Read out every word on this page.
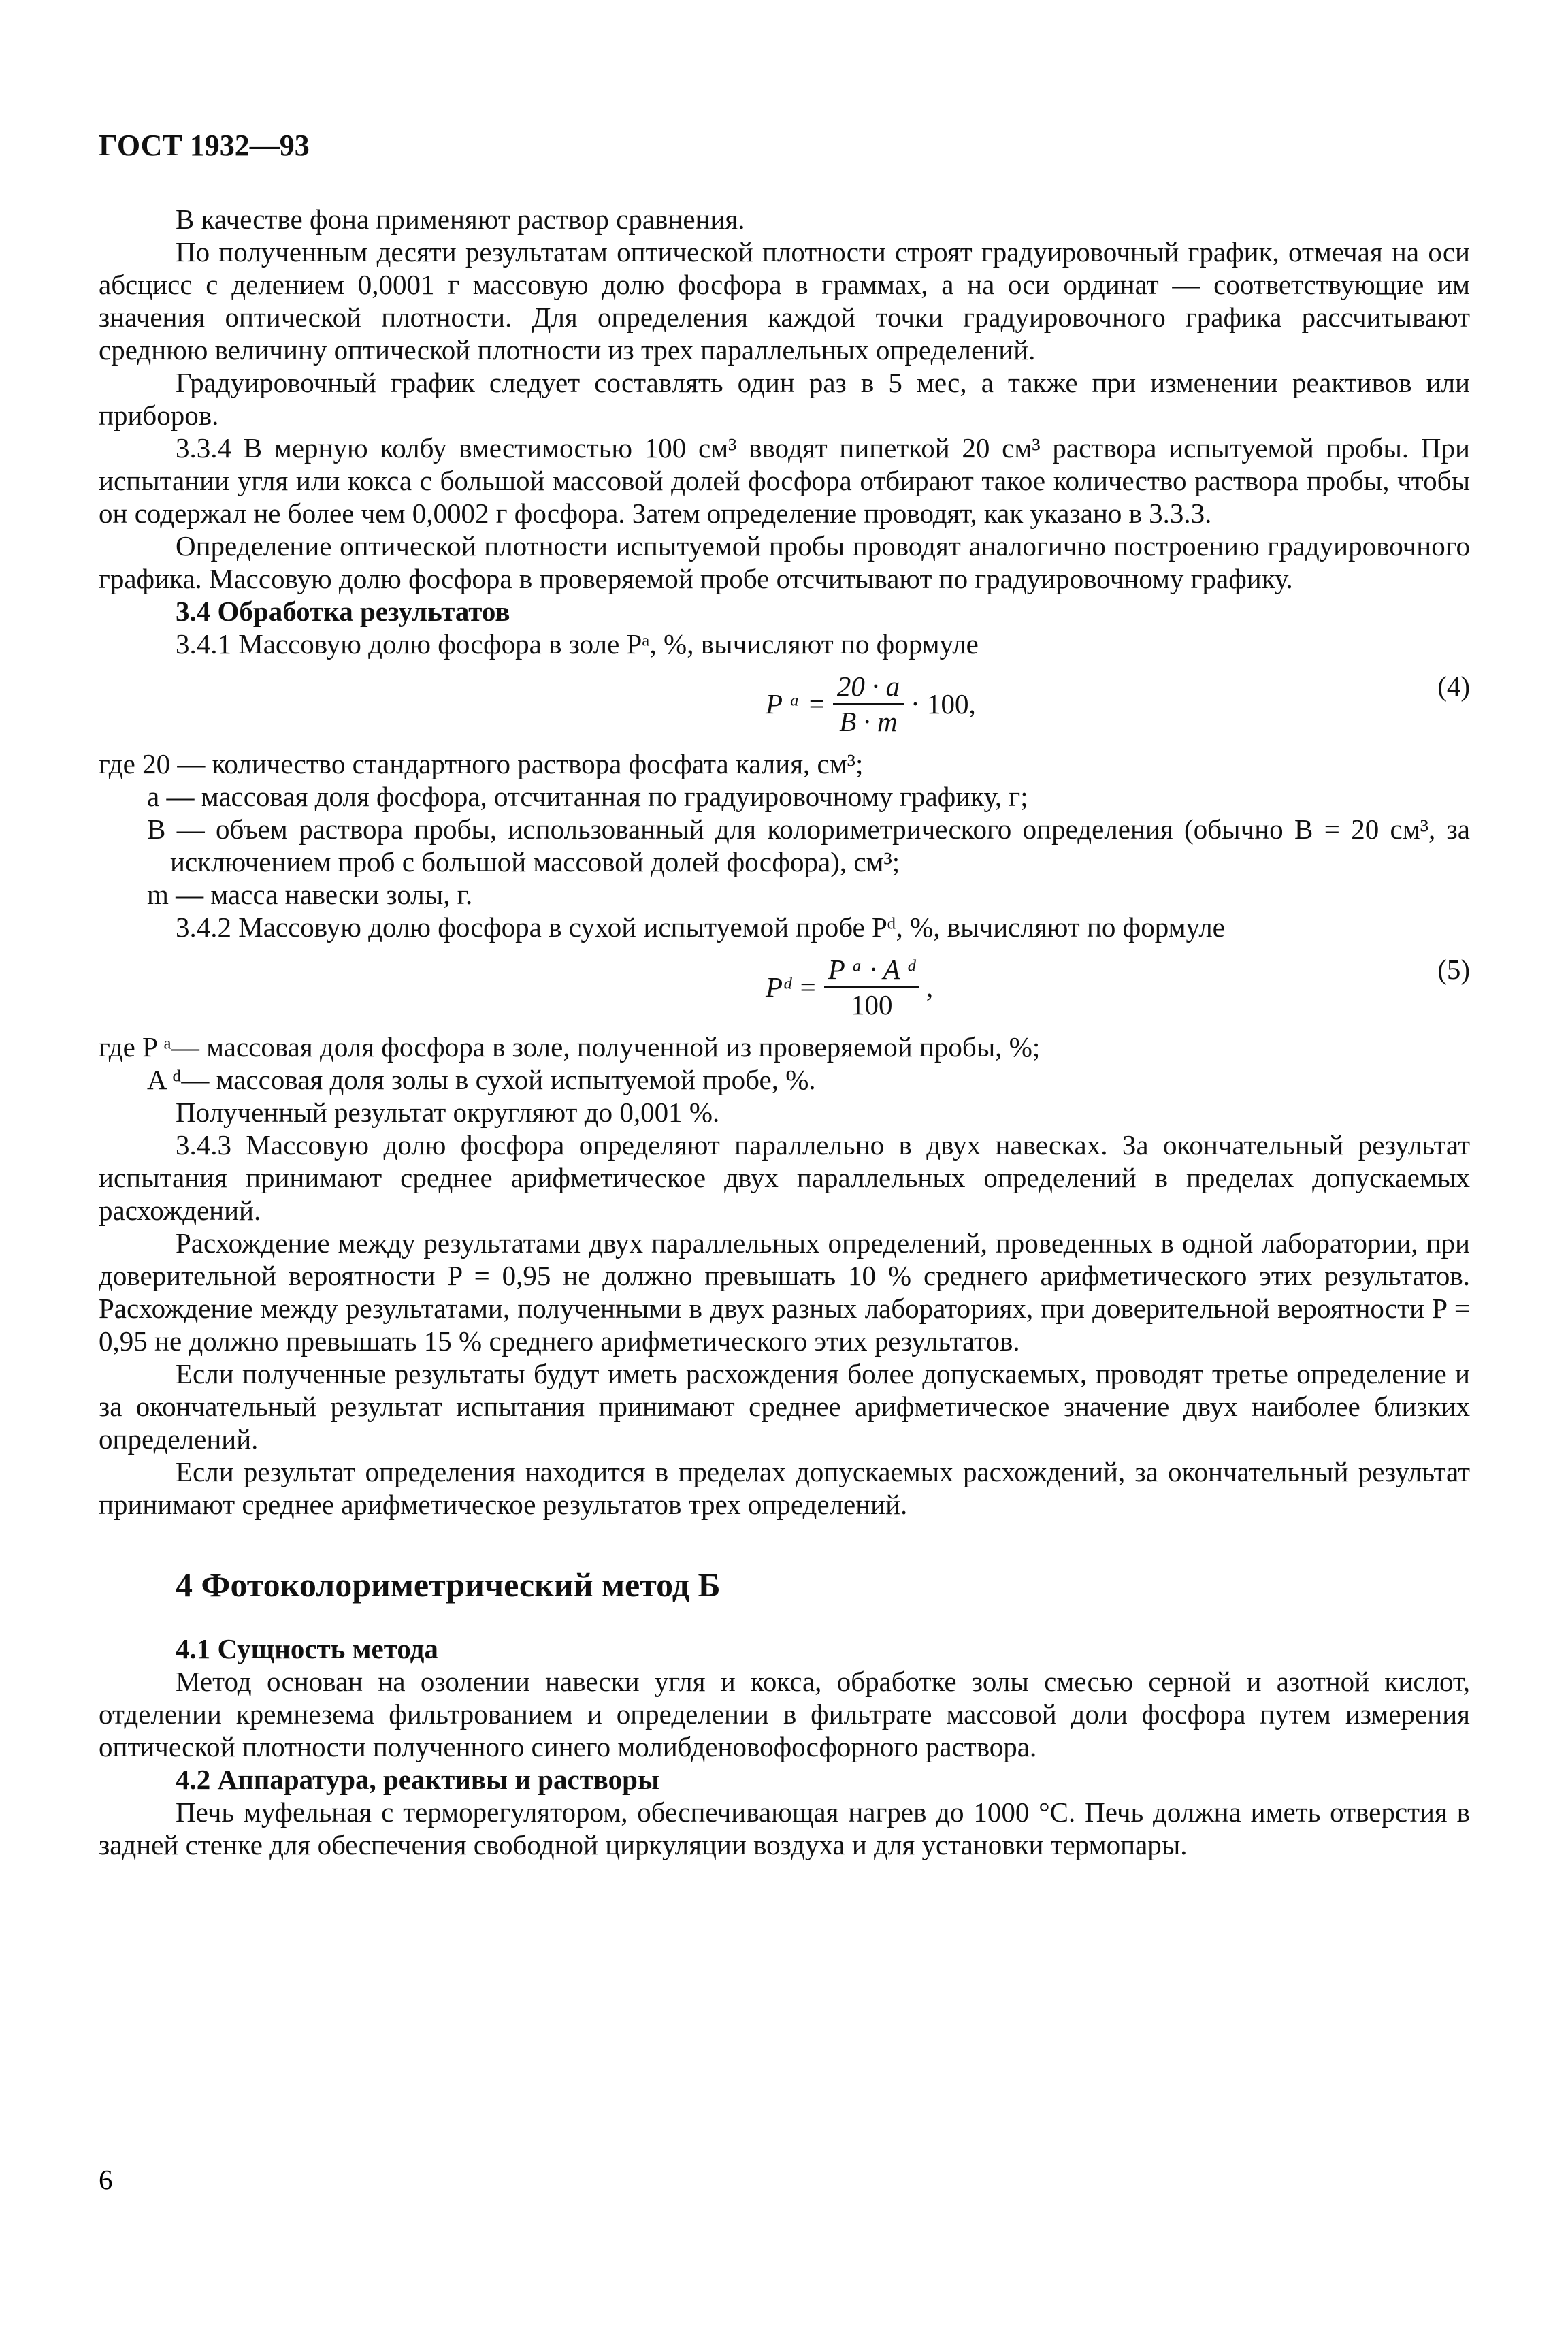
ГОСТ 1932—93

В качестве фона применяют раствор сравнения.

По полученным десяти результатам оптической плотности строят градуировочный график, отмечая на оси абсцисс с делением 0,0001 г массовую долю фосфора в граммах, а на оси ординат — соответствующие им значения оптической плотности. Для определения каждой точки градуировочного графика рассчитывают среднюю величину оптической плотности из трех параллельных определений.

Градуировочный график следует составлять один раз в 5 мес, а также при изменении реактивов или приборов.

3.3.4 В мерную колбу вместимостью 100 см³ вводят пипеткой 20 см³ раствора испытуемой пробы. При испытании угля или кокса с большой массовой долей фосфора отбирают такое количество раствора пробы, чтобы он содержал не более чем 0,0002 г фосфора. Затем определение проводят, как указано в 3.3.3.

Определение оптической плотности испытуемой пробы проводят аналогично построению градуировочного графика. Массовую долю фосфора в проверяемой пробе отсчитывают по градуировочному графику.

3.4 Обработка результатов

3.4.1 Массовую долю фосфора в золе Pᵃ, %, вычисляют по формуле

P ᵃ = $\frac{20 \cdot a}{B \cdot m} \cdot 100$,
(4)
где 20 — количество стандартного раствора фосфата калия, см³;
a — массовая доля фосфора, отсчитанная по градуировочному графику, г;
B — объем раствора пробы, использованный для колориметрического определения (обычно B = 20 см³, за исключением проб с большой массовой долей фосфора), см³;
m — масса навески золы, г.

3.4.2 Массовую долю фосфора в сухой испытуемой пробе Pᵈ, %, вычисляют по формуле

Pᵈ = $\frac{\text{P ᵃ · A ᵈ}}{100}$ ,
(5)
где P ᵃ— массовая доля фосфора в золе, полученной из проверяемой пробы, %;
A ᵈ— массовая доля золы в сухой испытуемой пробе, %.

Полученный результат округляют до 0,001 %.

3.4.3 Массовую долю фосфора определяют параллельно в двух навесках. За окончательный результат испытания принимают среднее арифметическое двух параллельных определений в пределах допускаемых расхождений.

Расхождение между результатами двух параллельных определений, проведенных в одной лаборатории, при доверительной вероятности P = 0,95 не должно превышать 10 % среднего арифметического этих результатов. Расхождение между результатами, полученными в двух разных лабораториях, при доверительной вероятности P = 0,95 не должно превышать 15 % среднего арифметического этих результатов.

Если полученные результаты будут иметь расхождения более допускаемых, проводят третье определение и за окончательный результат испытания принимают среднее арифметическое значение двух наиболее близких определений.

Если результат определения находится в пределах допускаемых расхождений, за окончательный результат принимают среднее арифметическое результатов трех определений.

4 Фотоколориметрический метод Б
4.1 Сущность метода

Метод основан на озолении навески угля и кокса, обработке золы смесью серной и азотной кислот, отделении кремнезема фильтрованием и определении в фильтрате массовой доли фосфора путем измерения оптической плотности полученного синего молибденовофосфорного раствора.

4.2 Аппаратура, реактивы и растворы

Печь муфельная с терморегулятором, обеспечивающая нагрев до 1000 °С. Печь должна иметь отверстия в задней стенке для обеспечения свободной циркуляции воздуха и для установки термопары.

6
